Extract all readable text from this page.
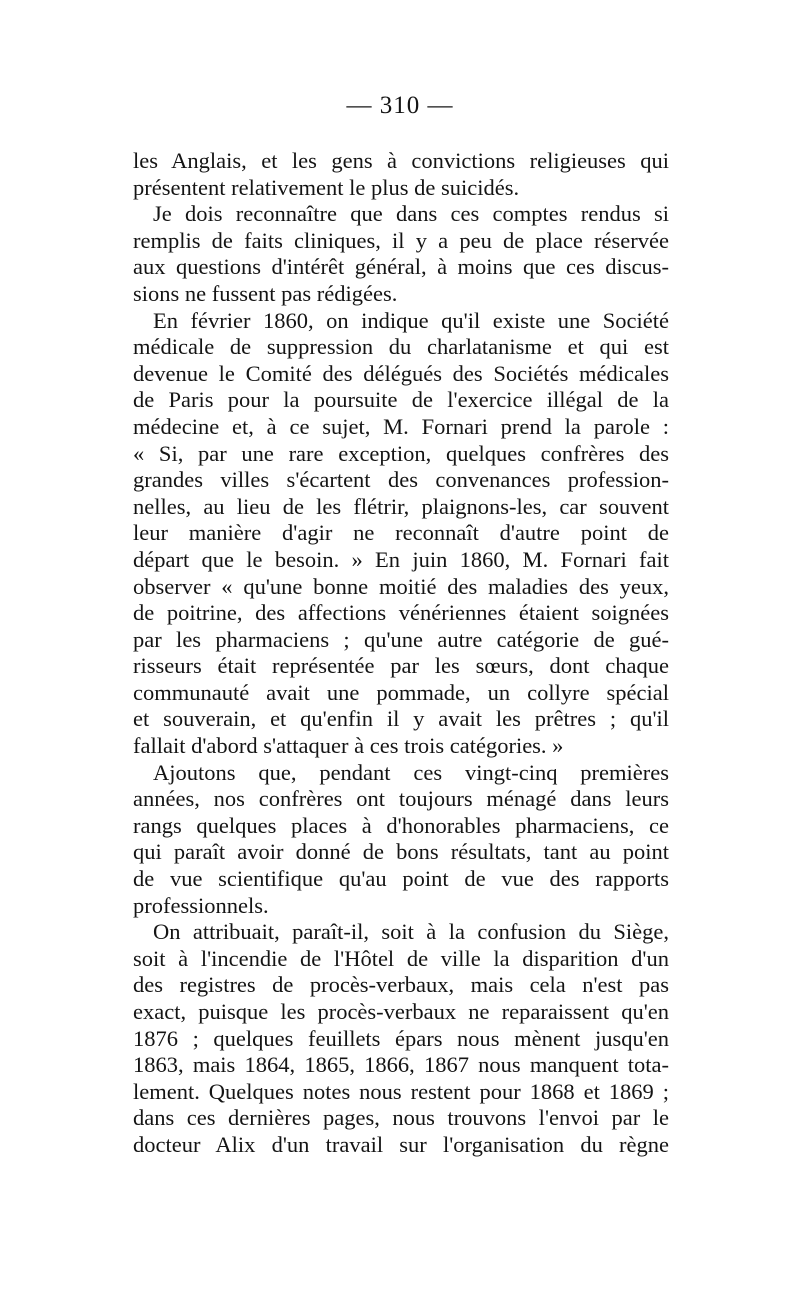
— 310 —
les Anglais, et les gens à convictions religieuses qui
présentent relativement le plus de suicidés.
Je dois reconnaître que dans ces comptes rendus si
remplis de faits cliniques, il y a peu de place réservée
aux questions d'intérêt général, à moins que ces discus-
sions ne fussent pas rédigées.
En février 1860, on indique qu'il existe une Société
médicale de suppression du charlatanisme et qui est
devenue le Comité des délégués des Sociétés médicales
de Paris pour la poursuite de l'exercice illégal de la
médecine et, à ce sujet, M. Fornari prend la parole :
« Si, par une rare exception, quelques confrères des
grandes villes s'écartent des convenances profession-
nelles, au lieu de les flétrir, plaignons-les, car souvent
leur manière d'agir ne reconnaît d'autre point de
départ que le besoin. » En juin 1860, M. Fornari fait
observer « qu'une bonne moitié des maladies des yeux,
de poitrine, des affections vénériennes étaient soignées
par les pharmaciens ; qu'une autre catégorie de gué-
risseurs était représentée par les sœurs, dont chaque
communauté avait une pommade, un collyre spécial
et souverain, et qu'enfin il y avait les prêtres ; qu'il
fallait d'abord s'attaquer à ces trois catégories. »
Ajoutons que, pendant ces vingt-cinq premières
années, nos confrères ont toujours ménagé dans leurs
rangs quelques places à d'honorables pharmaciens, ce
qui paraît avoir donné de bons résultats, tant au point
de vue scientifique qu'au point de vue des rapports
professionnels.
On attribuait, paraît-il, soit à la confusion du Siège,
soit à l'incendie de l'Hôtel de ville la disparition d'un
des registres de procès-verbaux, mais cela n'est pas
exact, puisque les procès-verbaux ne reparaissent qu'en
1876 ; quelques feuillets épars nous mènent jusqu'en
1863, mais 1864, 1865, 1866, 1867 nous manquent tota-
lement. Quelques notes nous restent pour 1868 et 1869 ;
dans ces dernières pages, nous trouvons l'envoi par le
docteur Alix d'un travail sur l'organisation du règne
